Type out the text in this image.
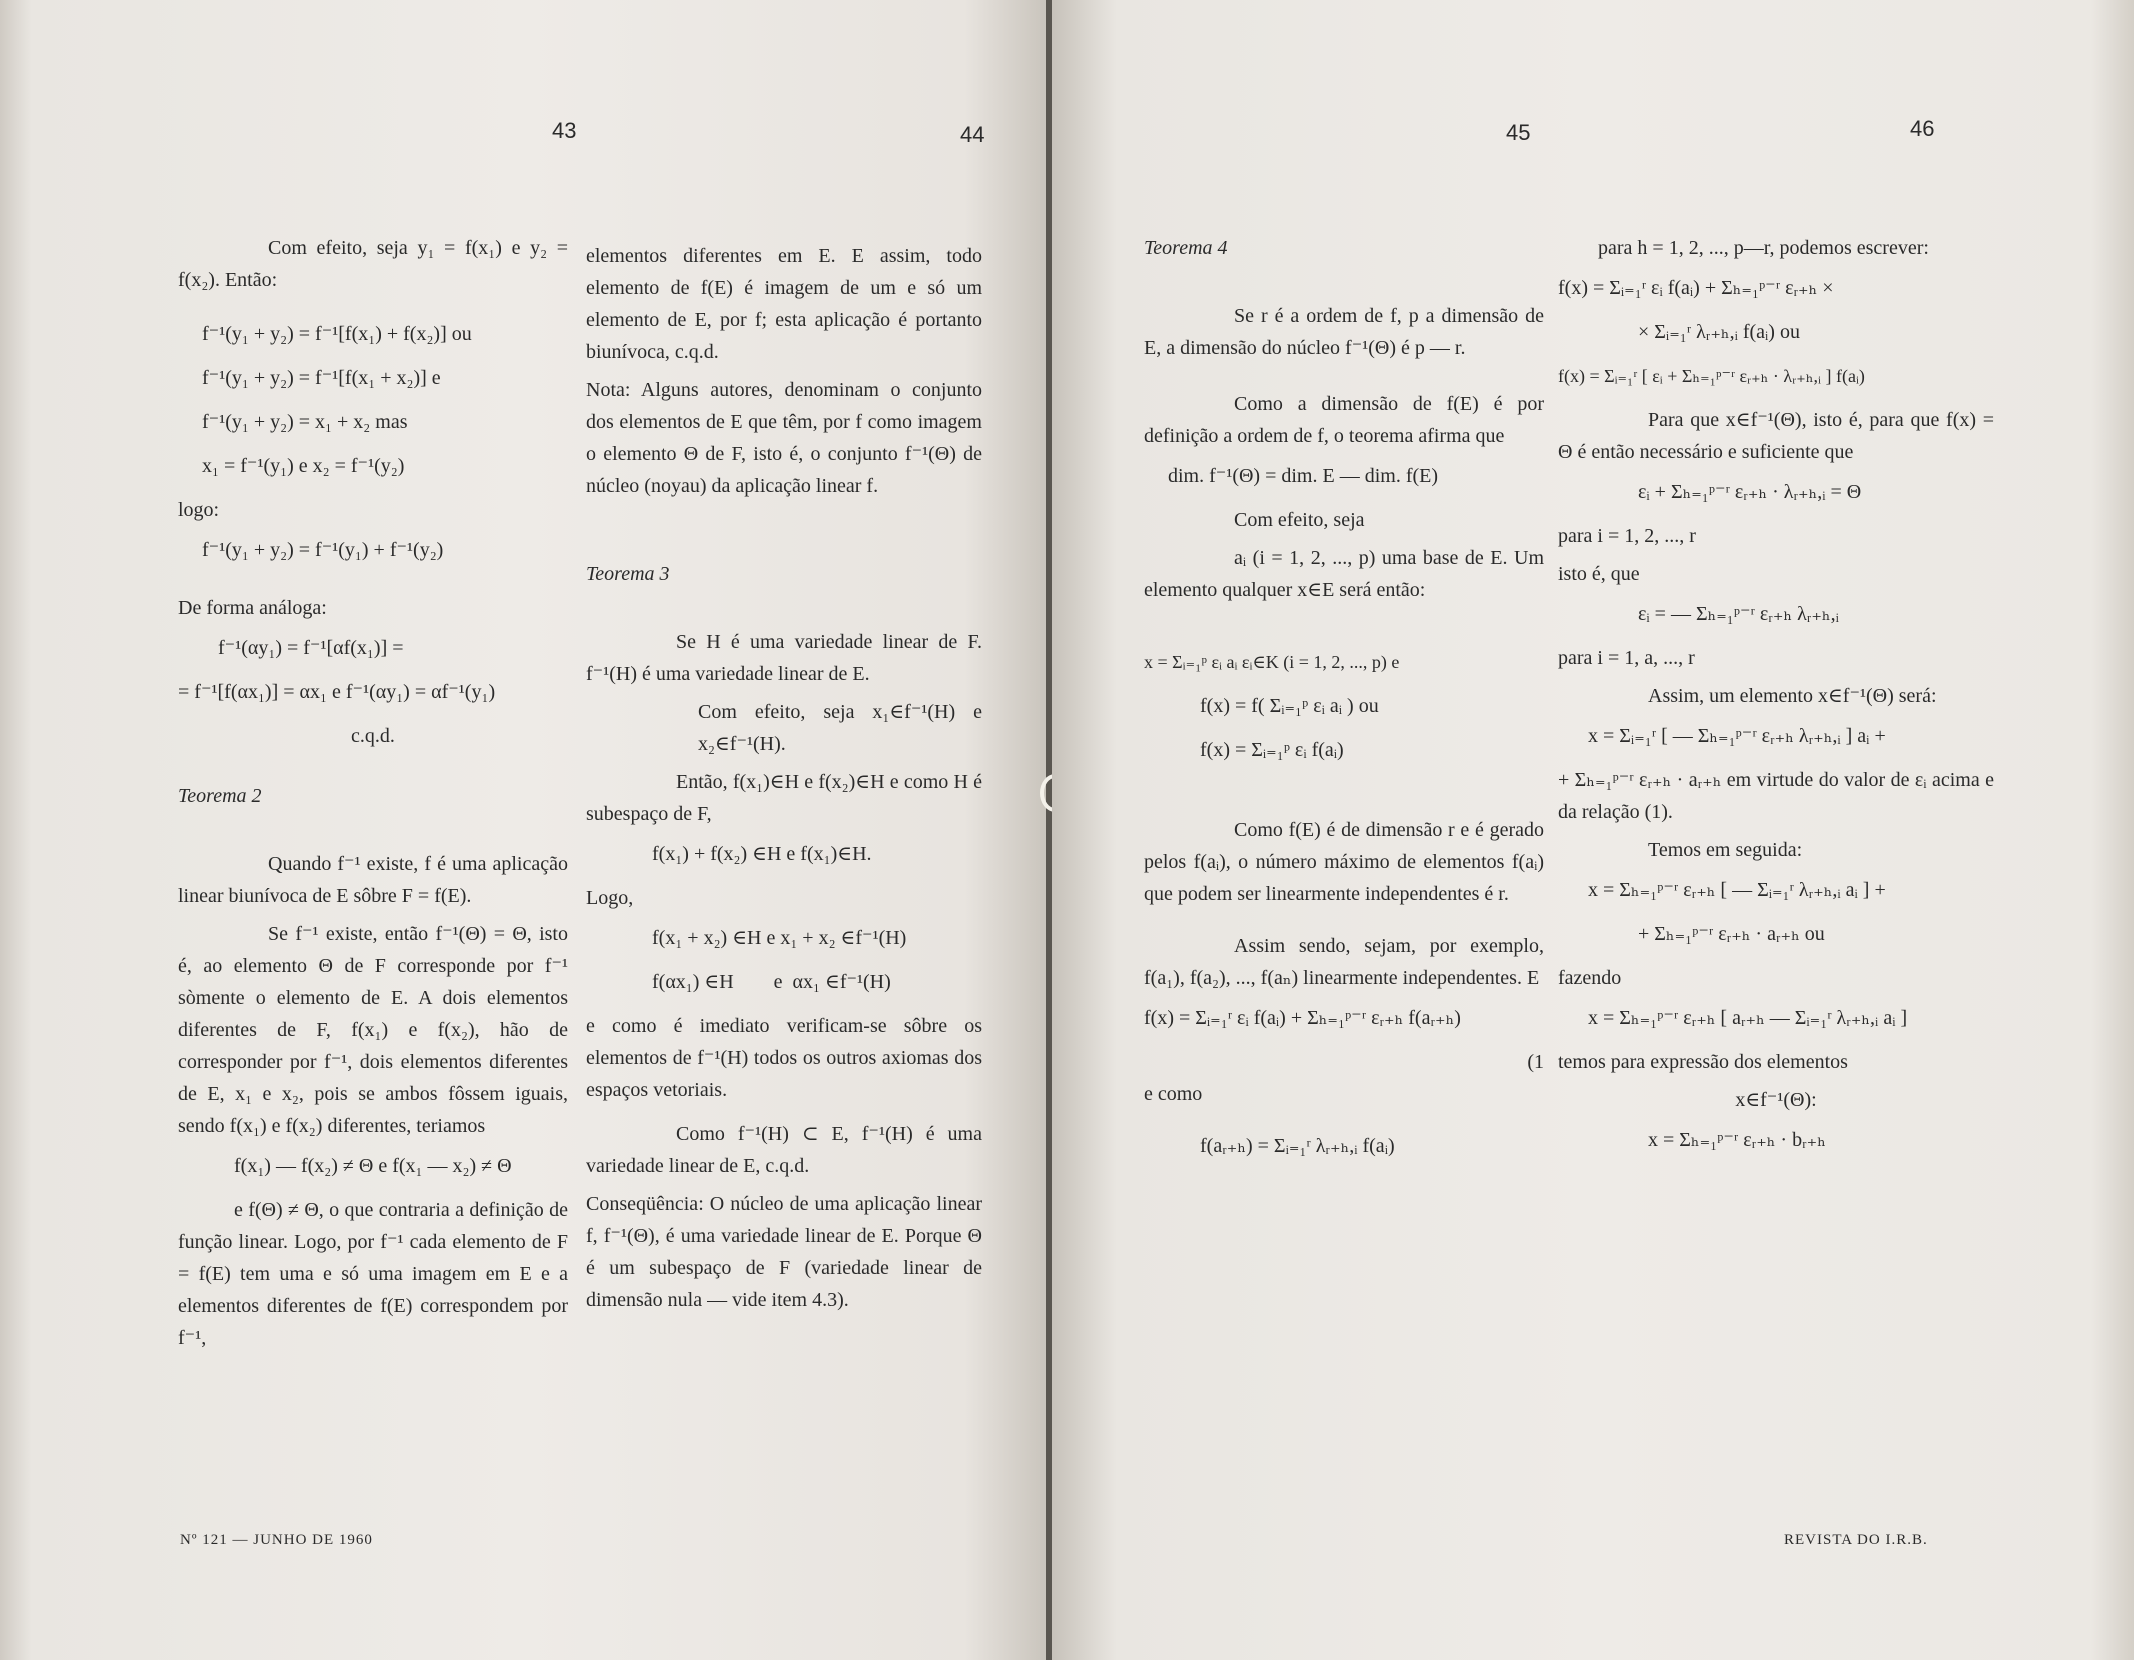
43	44

Com efeito, seja y₁ = f(x₁) e y₂ = f(x₂). Então:

f⁻¹(y₁ + y₂) = f⁻¹[f(x₁) + f(x₂)] ou

f⁻¹(y₁ + y₂) = f⁻¹[f(x₁ + x₂)] e

f⁻¹(y₁ + y₂) = x₁ + x₂ mas

x₁ = f⁻¹(y₁) e x₂ = f⁻¹(y₂)

logo:

f⁻¹(y₁ + y₂) = f⁻¹(y₁) + f⁻¹(y₂)

De forma análoga:

f⁻¹(αy₁) = f⁻¹[αf(x₁)] =

= f⁻¹[f(αx₁)] = αx₁ e f⁻¹(αy₁) = αf⁻¹(y₁)

c.q.d.

Teorema 2

Quando f⁻¹ existe, f é uma aplicação linear biunívoca de E sôbre F = f(E).

Se f⁻¹ existe, então f⁻¹(Θ) = Θ, isto é, ao elemento Θ de F corresponde por f⁻¹ sòmente o elemento de E. A dois elementos diferentes de F, f(x₁) e f(x₂), hão de corresponder por f⁻¹, dois elementos diferentes de E, x₁ e x₂, pois se ambos fôssem iguais, sendo f(x₁) e f(x₂) diferentes, teriamos

f(x₁) — f(x₂) ≠ Θ e f(x₁ — x₂) ≠ Θ

e f(Θ) ≠ Θ, o que contraria a definição de função linear. Logo, por f⁻¹ cada elemento de F = f(E) tem uma e só uma imagem em E e a elementos diferentes de f(E) correspondem por f⁻¹,

elementos diferentes em E. E assim, todo elemento de f(E) é imagem de um e só um elemento de E, por f; esta aplicação é portanto biunívoca, c.q.d.

Nota: Alguns autores, denominam o conjunto dos elementos de E que têm, por f como imagem o elemento Θ de F, isto é, o conjunto f⁻¹(Θ) de núcleo (noyau) da aplicação linear f.

Teorema 3

Se H é uma variedade linear de F. f⁻¹(H) é uma variedade linear de E.

Com efeito, seja x₁∈f⁻¹(H) e x₂∈f⁻¹(H).

Então, f(x₁)∈H e f(x₂)∈H e como H é subespaço de F,

f(x₁) + f(x₂) ∈H e f(x₁)∈H.

Logo,

f(x₁ + x₂) ∈H e x₁ + x₂ ∈f⁻¹(H)

f(αx₁) ∈H        e  αx₁ ∈f⁻¹(H)

e como é imediato verificam-se sôbre os elementos de f⁻¹(H) todos os outros axiomas dos espaços vetoriais.

Como f⁻¹(H) ⊂ E, f⁻¹(H) é uma variedade linear de E, c.q.d.

Conseqüência: O núcleo de uma aplicação linear f, f⁻¹(Θ), é uma variedade linear de E. Porque Θ é um subespaço de F (variedade linear de dimensão nula — vide item 4.3).

Nº 121 — JUNHO DE 1960
45	46

Teorema 4

Se r é a ordem de f, p a dimensão de E, a dimensão do núcleo f⁻¹(Θ) é p — r.

Como a dimensão de f(E) é por definição a ordem de f, o teorema afirma que

dim. f⁻¹(Θ) = dim. E — dim. f(E)

Com efeito, seja

aᵢ (i = 1, 2, ..., p) uma base de E. Um elemento qualquer x∈E será então:

x = Σᵢ₌₁ᵖ εᵢ aᵢ εᵢ∈K (i = 1, 2, ..., p) e

f(x) = f( Σᵢ₌₁ᵖ εᵢ aᵢ ) ou

f(x) = Σᵢ₌₁ᵖ εᵢ f(aᵢ)

Como f(E) é de dimensão r e é gerado pelos f(aᵢ), o número máximo de elementos f(aᵢ) que podem ser linearmente independentes é r.

Assim sendo, sejam, por exemplo, f(a₁), f(a₂), ..., f(aₙ) linearmente independentes. E

f(x) = Σᵢ₌₁ʳ εᵢ f(aᵢ) + Σₕ₌₁ᵖ⁻ʳ εᵣ₊ₕ f(aᵣ₊ₕ)

(1

e como

f(aᵣ₊ₕ) = Σᵢ₌₁ʳ λᵣ₊ₕ,ᵢ f(aᵢ)

para h = 1, 2, ..., p—r, podemos escrever:

f(x) = Σᵢ₌₁ʳ εᵢ f(aᵢ) + Σₕ₌₁ᵖ⁻ʳ εᵣ₊ₕ ×

× Σᵢ₌₁ʳ λᵣ₊ₕ,ᵢ f(aᵢ) ou

f(x) = Σᵢ₌₁ʳ [ εᵢ + Σₕ₌₁ᵖ⁻ʳ εᵣ₊ₕ · λᵣ₊ₕ,ᵢ ] f(aᵢ)

Para que x∈f⁻¹(Θ), isto é, para que f(x) = Θ é então necessário e suficiente que

εᵢ + Σₕ₌₁ᵖ⁻ʳ εᵣ₊ₕ · λᵣ₊ₕ,ᵢ = Θ

para i = 1, 2, ..., r

isto é, que

εᵢ = — Σₕ₌₁ᵖ⁻ʳ εᵣ₊ₕ λᵣ₊ₕ,ᵢ

para i = 1, a, ..., r

Assim, um elemento x∈f⁻¹(Θ) será:

x = Σᵢ₌₁ʳ [ — Σₕ₌₁ᵖ⁻ʳ εᵣ₊ₕ λᵣ₊ₕ,ᵢ ] aᵢ +

+ Σₕ₌₁ᵖ⁻ʳ εᵣ₊ₕ · aᵣ₊ₕ em virtude do valor de εᵢ acima e da relação (1).

Temos em seguida:

x = Σₕ₌₁ᵖ⁻ʳ εᵣ₊ₕ [ — Σᵢ₌₁ʳ λᵣ₊ₕ,ᵢ aᵢ ] +

+ Σₕ₌₁ᵖ⁻ʳ εᵣ₊ₕ · aᵣ₊ₕ ou

fazendo

x = Σₕ₌₁ᵖ⁻ʳ εᵣ₊ₕ [ aᵣ₊ₕ — Σᵢ₌₁ʳ λᵣ₊ₕ,ᵢ aᵢ ]

temos para expressão dos elementos

x∈f⁻¹(Θ):

x = Σₕ₌₁ᵖ⁻ʳ εᵣ₊ₕ · bᵣ₊ₕ

REVISTA DO I.R.B.
